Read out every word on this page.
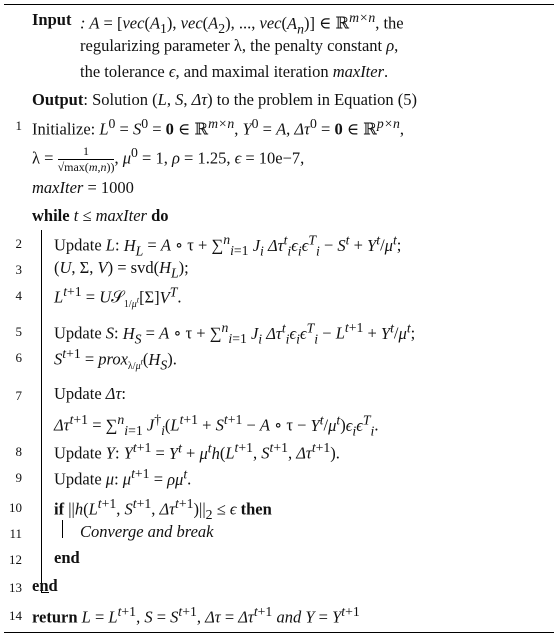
Input : $A = [vec(A_1)$, $vec(A_2)$, ..., $vec(A_n)$] ∈ ℝ$^{m\times n}$, the
regularizing parameter λ, the penalty constant ρ,
the tolerance ϵ, and maximal iteration maxIter.
Output: Solution (L, S, Δτ) to the problem in Equation (5)
1 Initialize: $L^0 = S^0 = 0$ ∈ ℝ$^{m\times n}$, $Y^0 = A$, $\Delta\tau^0 = 0$ ∈ ℝ$^{p\times n}$,
λ =	1
√max(m,n)) , $\mu^0 = 1$, ρ = 1.25, ϵ = 10e−7,
maxIter = 1000
while t ≤ maxIter do
2 Update L: $H_L = A$ ∘ τ + ∑$^n_{i=1}$ $J_i$ $\Delta\tau^t_i\epsilon_i\epsilon^T_i - S^t + Y^t/\mu^t$;
3 (U, Σ, $V) = svd(H_L)$;
4 $L^{t+1}$ = $U𝒮_{1/\mu^t}[\Sigma]V^T$.
5 Update S: $H_S = A$ ∘ τ + ∑$^n_{i=1}$ $J_i$ $\Delta\tau^t_i\epsilon_i\epsilon^T_i - L^{t+1} + Y^t/\mu^t$;
6 $S^{t+1}$ = $prox_{\lambda/\mu^t}(H_S)$.
7 Update Δτ:
$\Delta\tau^{t+1} = \sum^n_{i=1}$ $J^\dagger_i(L^{t+1} + S^{t+1} - A$ ∘ $\tau - Y^t/\mu^t)\epsilon_i\epsilon^T_i$.
8 Update Y: $Y^{t+1} = Y^t + \mu^th(L^{t+1}$, $S^{t+1}$, $\Delta\tau^{t+1}$).
9 Update μ: $\mu^{t+1} = \rho\mu^t$.
10 if $||h(L^{t+1}$, $S^{t+1}$, $\Delta\tau^{t+1})||_2 \le \epsilon$ then
11	Converge and break
12 end
13 end
14 return $L = L^{t+1}$, $S = S^{t+1}$, $\Delta\tau = \Delta\tau^{t+1}$ and $Y = Y^{t+1}$
